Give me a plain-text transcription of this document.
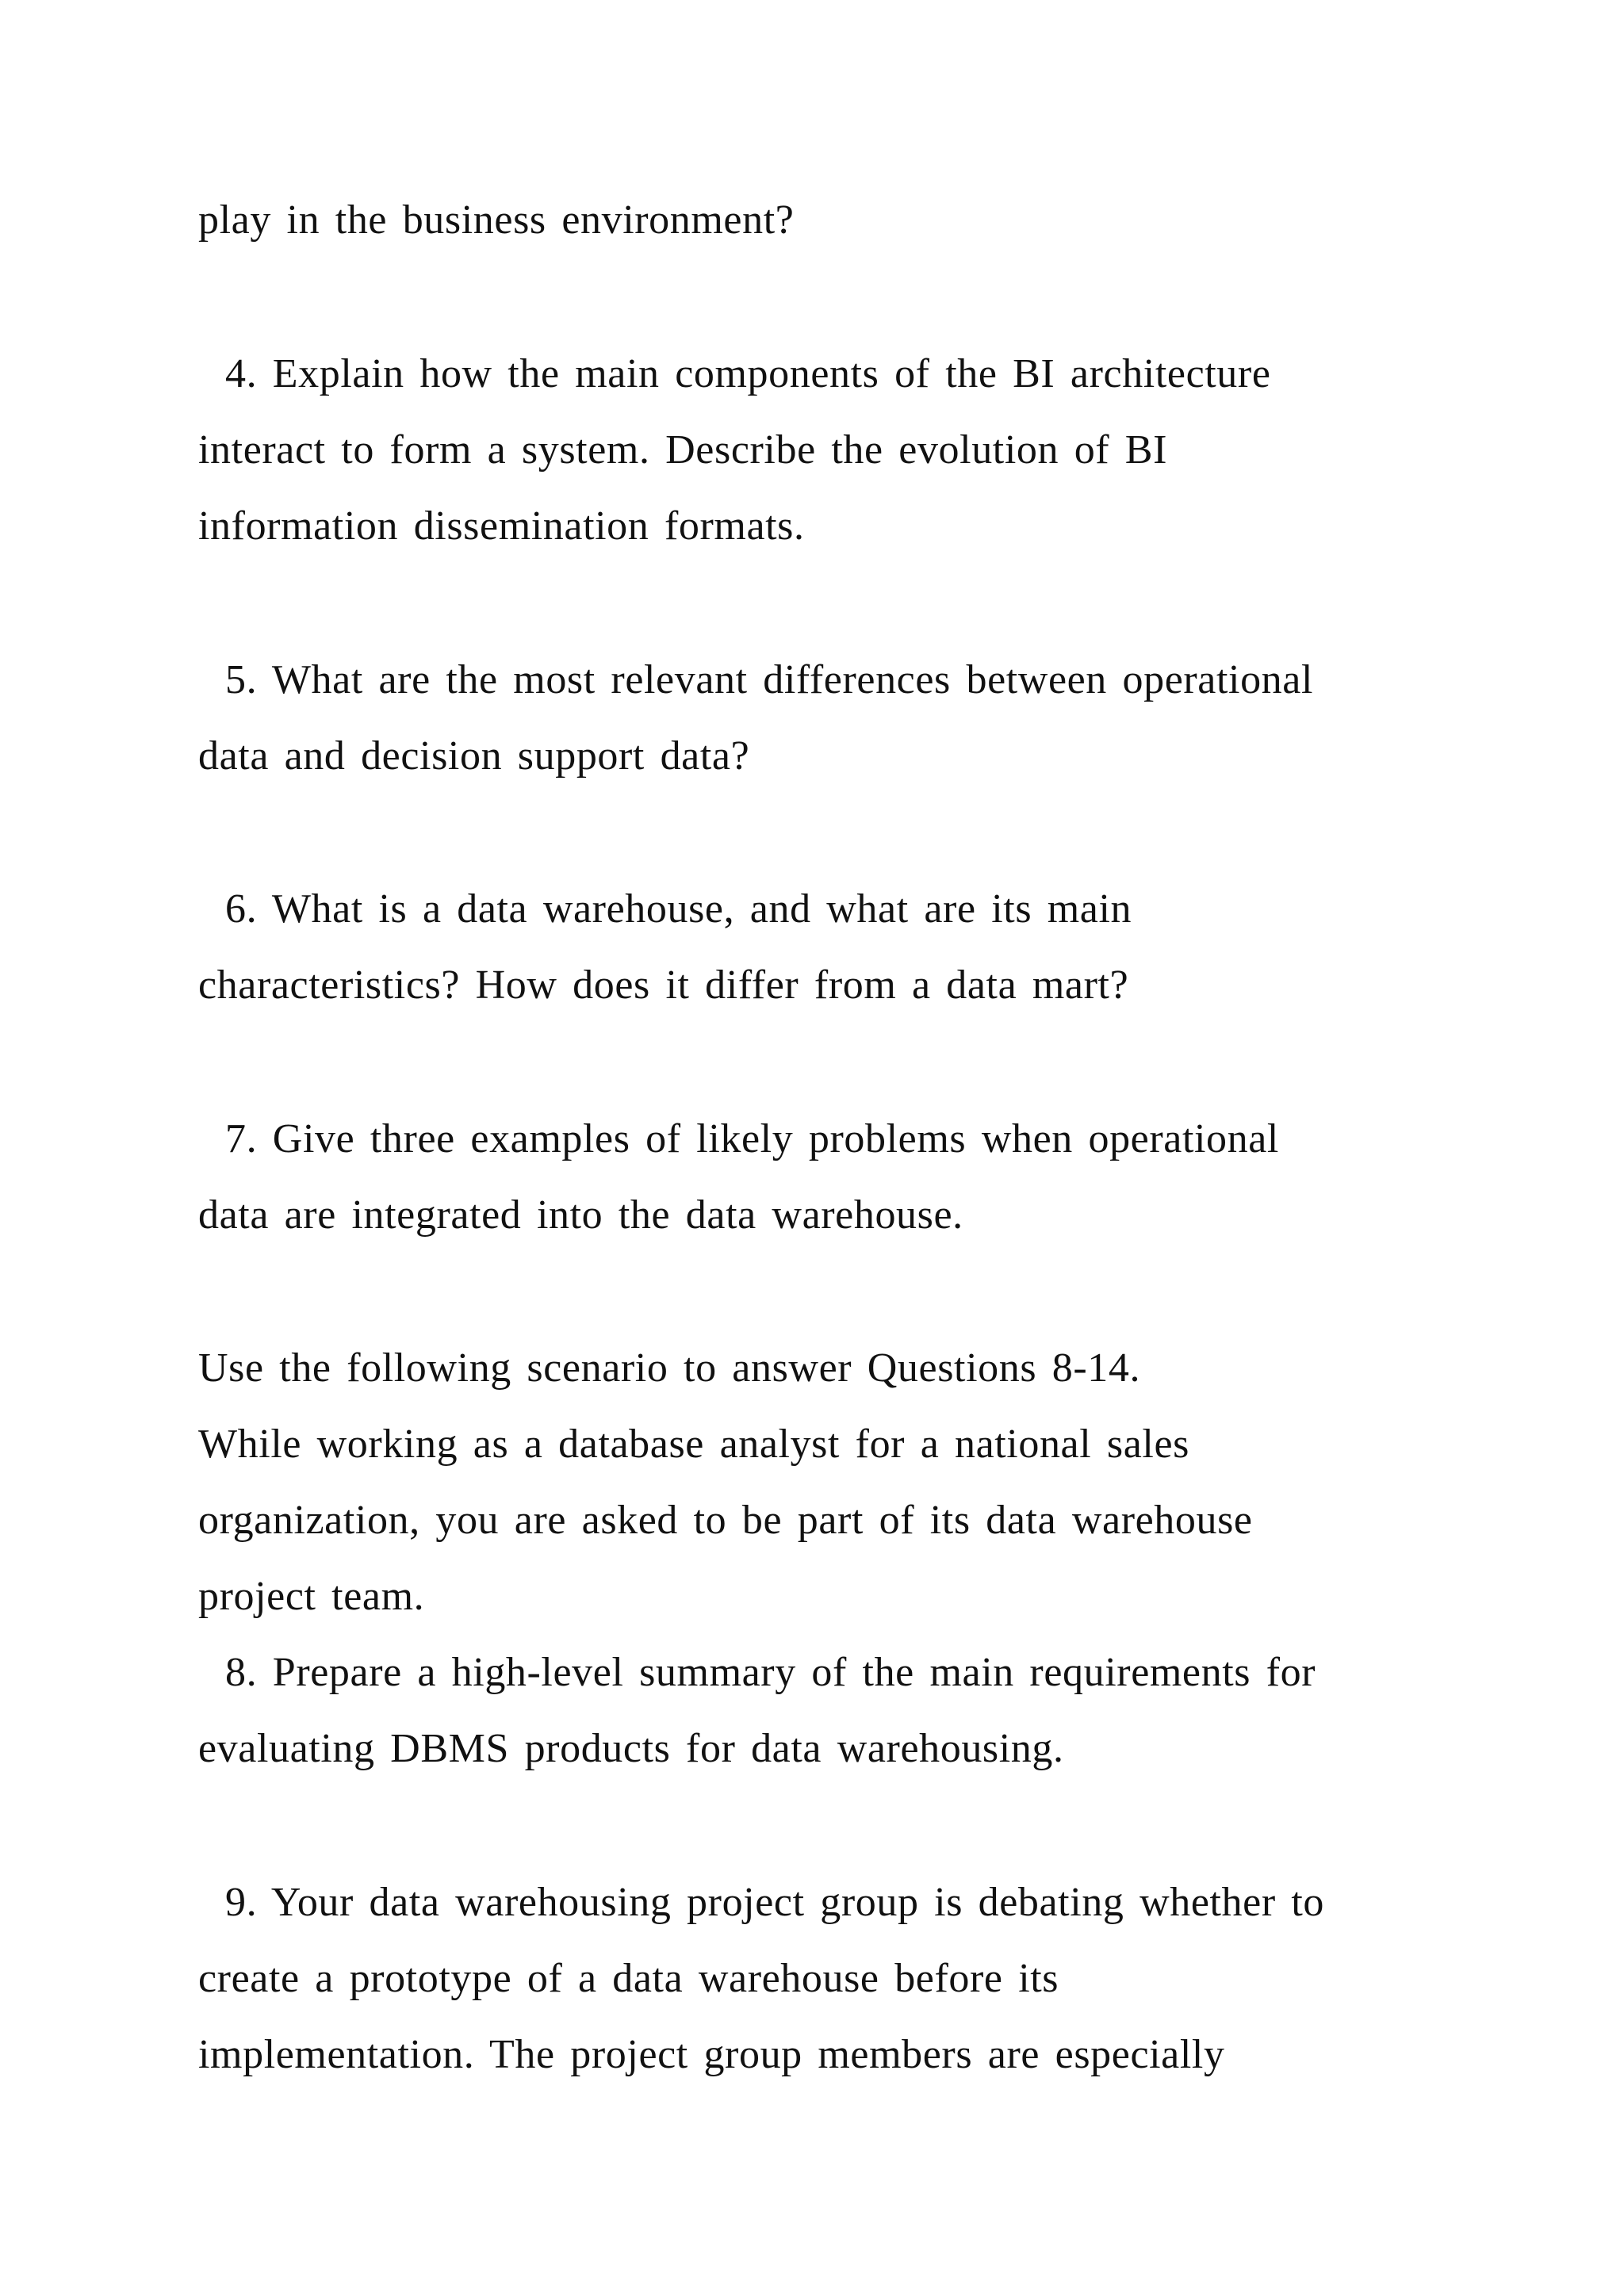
play in the business environment?
4. Explain how the main components of the BI architecture
interact to form a system. Describe the evolution of BI
information dissemination formats.
5. What are the most relevant differences between operational
data and decision support data?
6. What is a data warehouse, and what are its main
characteristics? How does it differ from a data mart?
7. Give three examples of likely problems when operational
data are integrated into the data warehouse.
Use the following scenario to answer Questions 8-14.
While working as a database analyst for a national sales
organization, you are asked to be part of its data warehouse
project team.
8. Prepare a high-level summary of the main requirements for
evaluating DBMS products for data warehousing.
9. Your data warehousing project group is debating whether to
create a prototype of a data warehouse before its
implementation. The project group members are especially
